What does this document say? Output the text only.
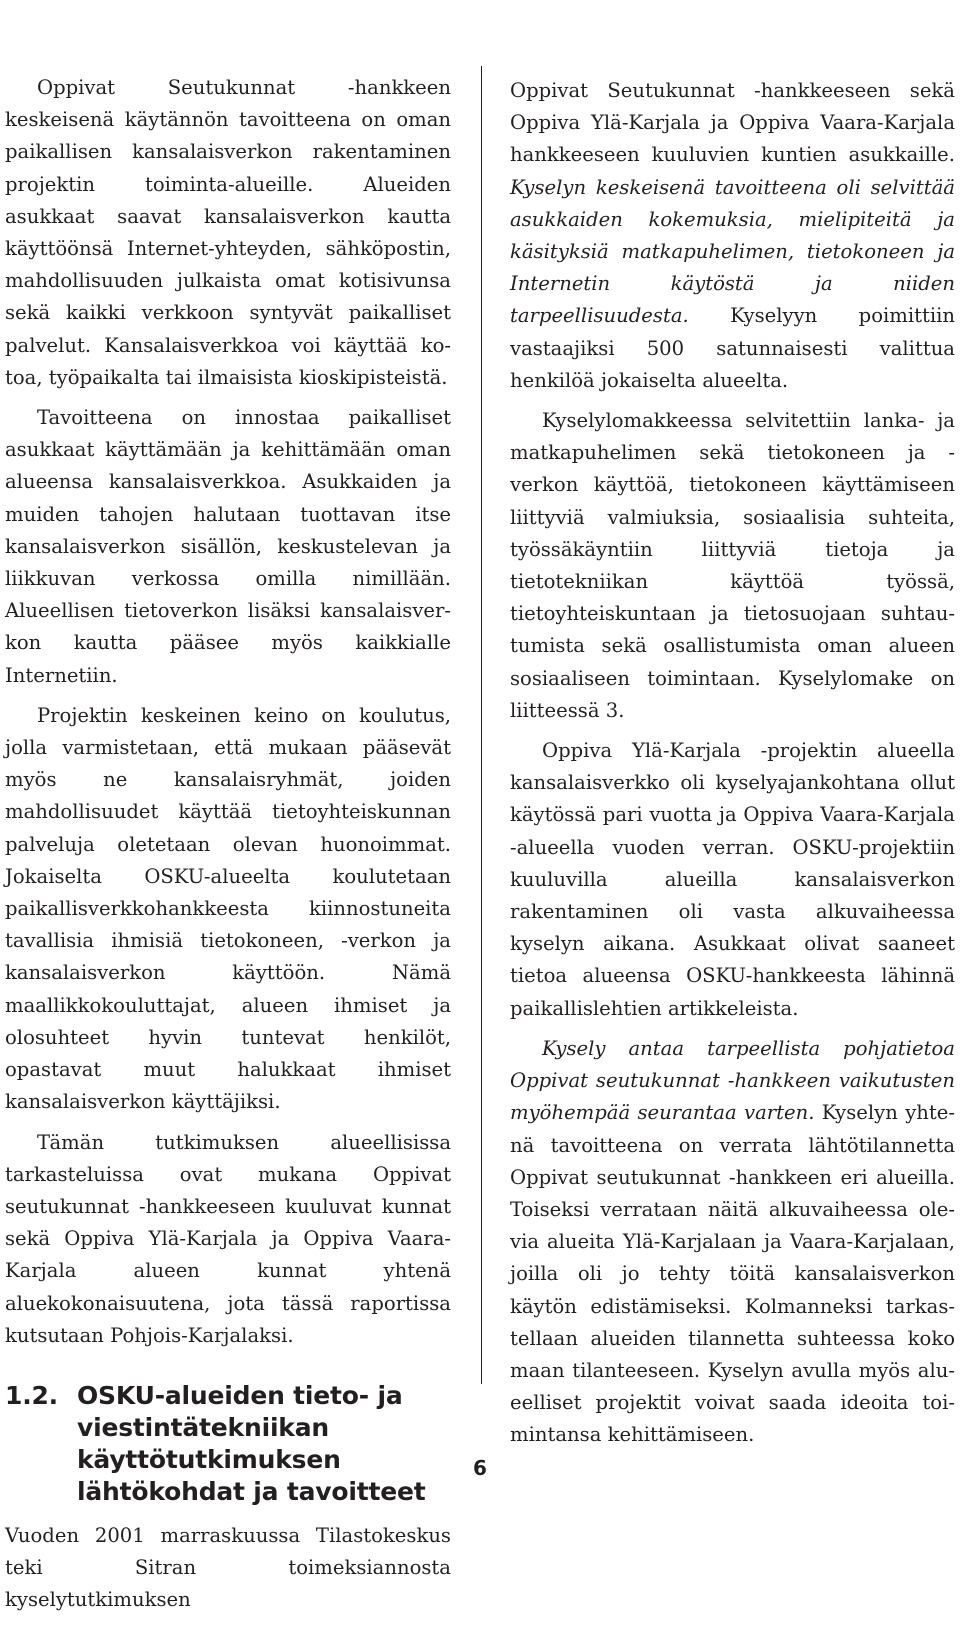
Oppivat Seutukunnat -hankkeen keskeisenä käytännön tavoitteena on oman paikallisen kansalaisverkon rakentaminen projektin toiminta-alueille. Alueiden asukkaat saavat kansalaisverkon kautta käyttöönsä Internet-yhteyden, sähköpostin, mahdollisuuden julkaista omat kotisivunsa sekä kaikki verkkoon syntyvät paikalliset palvelut. Kansalaisverkkoa voi käyttää kotoa, työpaikalta tai ilmaisista kioskipisteistä.

Tavoitteena on innostaa paikalliset asukkaat käyttämään ja kehittämään oman alueensa kansalaisverkkoa. Asukkaiden ja muiden tahojen halutaan tuottavan itse kansalaisverkon sisällön, keskustelevan ja liikkuvan verkossa omilla nimillään. Alueellisen tietoverkon lisäksi kansalaisverkon kautta pääsee myös kaikkialle Internetiin.

Projektin keskeinen keino on koulutus, jolla varmistetaan, että mukaan pääsevät myös ne kansalaisryhmät, joiden mahdollisuudet käyttää tietoyhteiskunnan palveluja oletetaan olevan huonoimmat. Jokaiselta OSKU-alueelta koulutetaan paikallisverkkohankkeesta kiinnostuneita tavallisia ihmisiä tietokoneen, -verkon ja kansalaisverkon käyttöön. Nämä maallikkokouluttajat, alueen ihmiset ja olosuhteet hyvin tuntevat henkilöt, opastavat muut halukkaat ihmiset kansalaisverkon käyttäjiksi.

Tämän tutkimuksen alueellisissa tarkasteluissa ovat mukana Oppivat seutukunnat -hankkeeseen kuuluvat kunnat sekä Oppiva Ylä-Karjala ja Oppiva Vaara-Karjala alueen kunnat yhtenä aluekokonaisuutena, jota tässä raportissa kutsutaan Pohjois-Karjalaksi.

1.2. OSKU-alueiden tieto- ja viestintätekniikan käyttötutkimuksen lähtökohdat ja tavoitteet

Vuoden 2001 marraskuussa Tilastokeskus teki Sitran toimeksiannosta kyselytutkimuksen

Oppivat Seutukunnat -hankkeeseen sekä Oppiva Ylä-Karjala ja Oppiva Vaara-Karjala hankkeeseen kuuluvien kuntien asukkaille. Kyselyn keskeisenä tavoitteena oli selvittää asukkaiden kokemuksia, mielipiteitä ja käsityksiä matkapuhelimen, tietokoneen ja Internetin käytöstä ja niiden tarpeellisuudesta. Kyselyyn poimittiin vastaajiksi 500 satunnaisesti valittua henkilöä jokaiselta alueelta.

Kyselylomakkeessa selvitettiin lanka- ja matkapuhelimen sekä tietokoneen ja -verkon käyttöä, tietokoneen käyttämiseen liittyviä valmiuksia, sosiaalisia suhteita, työssäkäyntiin liittyviä tietoja ja tietotekniikan käyttöä työssä, tietoyhteiskuntaan ja tietosuojaan suhtautumista sekä osallistumista oman alueen sosiaaliseen toimintaan. Kyselylomake on liitteessä 3.

Oppiva Ylä-Karjala -projektin alueella kansalaisverkko oli kyselyajankohtana ollut käytössä pari vuotta ja Oppiva Vaara-Karjala -alueella vuoden verran. OSKU-projektiin kuuluvilla alueilla kansalaisverkon rakentaminen oli vasta alkuvaiheessa kyselyn aikana. Asukkaat olivat saaneet tietoa alueensa OSKU-hankkeesta lähinnä paikallislehtien artikkeleista.

Kysely antaa tarpeellista pohjatietoa Oppivat seutukunnat -hankkeen vaikutusten myöhempää seurantaa varten. Kyselyn yhtenä tavoitteena on verrata lähtötilannetta Oppivat seutukunnat -hankkeen eri alueilla. Toiseksi verrataan näitä alkuvaiheessa olevia alueita Ylä-Karjalaan ja Vaara-Karjalaan, joilla oli jo tehty töitä kansalaisverkon käytön edistämiseksi. Kolmanneksi tarkastellaan alueiden tilannetta suhteessa koko maan tilanteeseen. Kyselyn avulla myös alueelliset projektit voivat saada ideoita toimintansa kehittämiseen.

6
